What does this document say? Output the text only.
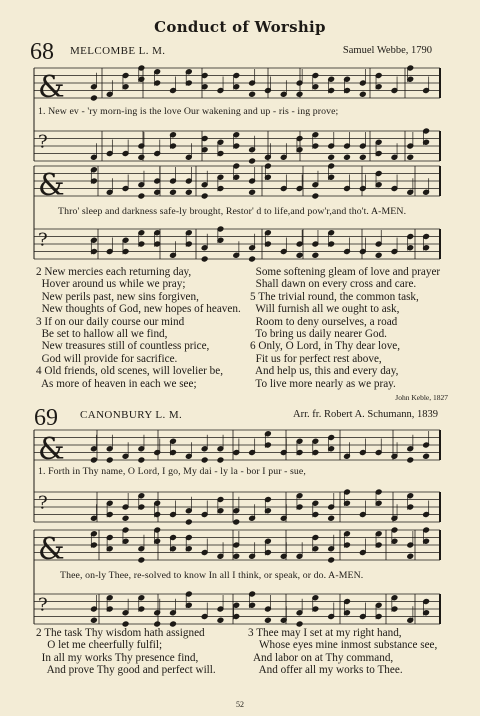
Conduct of Worship
68 MELCOMBE L. M.	Samuel Webbe, 1790
&
?
&
?
&
?
&
?
1. New ev - 'ry morn-ing is the love Our wakening and up - ris - ing prove;
Thro' sleep and darkness safe-ly brought, Restor' d to life,and pow'r,and tho't. A-MEN.
2 New mercies each returning day,
Hover around us while we pray;
New perils past, new sins forgiven,
New thoughts of God, new hopes of heaven.
3 If on our daily course our mind
Be set to hallow all we find,
New treasures still of countless price,
God will provide for sacrifice.
4 Old friends, old scenes, will lovelier be,
As more of heaven in each we see;
Some softening gleam of love and prayer
Shall dawn on every cross and care.
5 The trivial round, the common task,
Will furnish all we ought to ask,
Room to deny ourselves, a road
To bring us daily nearer God.
6 Only, O Lord, in Thy dear love,
Fit us for perfect rest above,
And help us, this and every day,
To live more nearly as we pray.
John Keble, 1827
69 CANONBURY L. M.	Arr. fr. Robert A. Schumann, 1839
1. Forth in Thy name, O Lord, I go, My dai - ly la - bor I pur - sue,
Thee, on-ly Thee, re-solved to know In all I think, or speak, or do. A-MEN.
2 The task Thy wisdom hath assigned
O let me cheerfully fulfil;
In all my works Thy presence find,
And prove Thy good and perfect will.
3 Thee may I set at my right hand,
Whose eyes mine inmost substance see,
And labor on at Thy command,
And offer all my works to Thee.
52
